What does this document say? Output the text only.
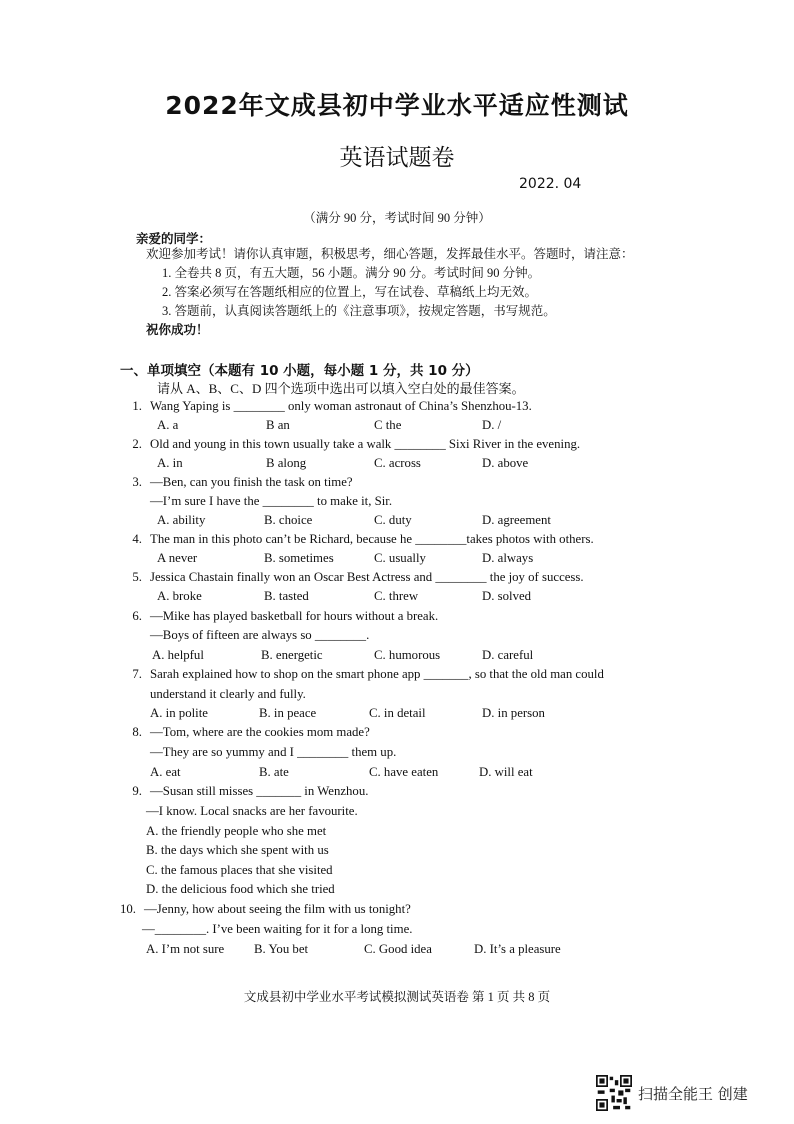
2022年文成县初中学业水平适应性测试
英语试题卷
2022. 04
（满分 90 分，考试时间 90 分钟）
亲爱的同学：
欢迎参加考试！请你认真审题，积极思考，细心答题，发挥最佳水平。答题时，请注意：
1. 全卷共 8 页，有五大题，56 小题。满分 90 分。考试时间 90 分钟。
2. 答案必须写在答题纸相应的位置上，写在试卷、草稿纸上均无效。
3. 答题前，认真阅读答题纸上的《注意事项》，按规定答题，书写规范。
祝你成功！
一、单项填空（本题有 10 小题，每小题 1 分，共 10 分）
请从 A、B、C、D 四个选项中选出可以填入空白处的最佳答案。
1. Wang Yaping is ________ only woman astronaut of China’s Shenzhou-13.
A. a	B an	C the	D. /
2. Old and young in this town usually take a walk ________ Sixi River in the evening.
A. in	B along	C. across	D. above
3. —Ben, can you finish the task on time?
—I’m sure I have the ________ to make it, Sir.
A. ability	B. choice	C. duty	D. agreement
4. The man in this photo can’t be Richard, because he ________takes photos with others.
A never	B. sometimes	C. usually	D. always
5. Jessica Chastain finally won an Oscar Best Actress and ________ the joy of success.
A. broke	B. tasted	C. threw	D. solved
6. —Mike has played basketball for hours without a break.
—Boys of fifteen are always so ________.
A. helpful	B. energetic	C. humorous	D. careful
7. Sarah explained how to shop on the smart phone app _______, so that the old man could
understand it clearly and fully.
A. in polite	B. in peace	C. in detail	D. in person
8. —Tom, where are the cookies mom made?
—They are so yummy and I ________ them up.
A. eat	B. ate	C. have eaten	D. will eat
9. —Susan still misses _______ in Wenzhou.
—I know. Local snacks are her favourite.
A. the friendly people who she met
B. the days which she spent with us
C. the famous places that she visited
D. the delicious food which she tried
10. —Jenny, how about seeing the film with us tonight?
—________. I’ve been waiting for it for a long time.
A. I’m not sure B. You bet	C. Good idea	D. It’s a pleasure
文成县初中学业水平考试模拟测试英语卷 第 1 页 共 8 页
扫描全能王 创建
